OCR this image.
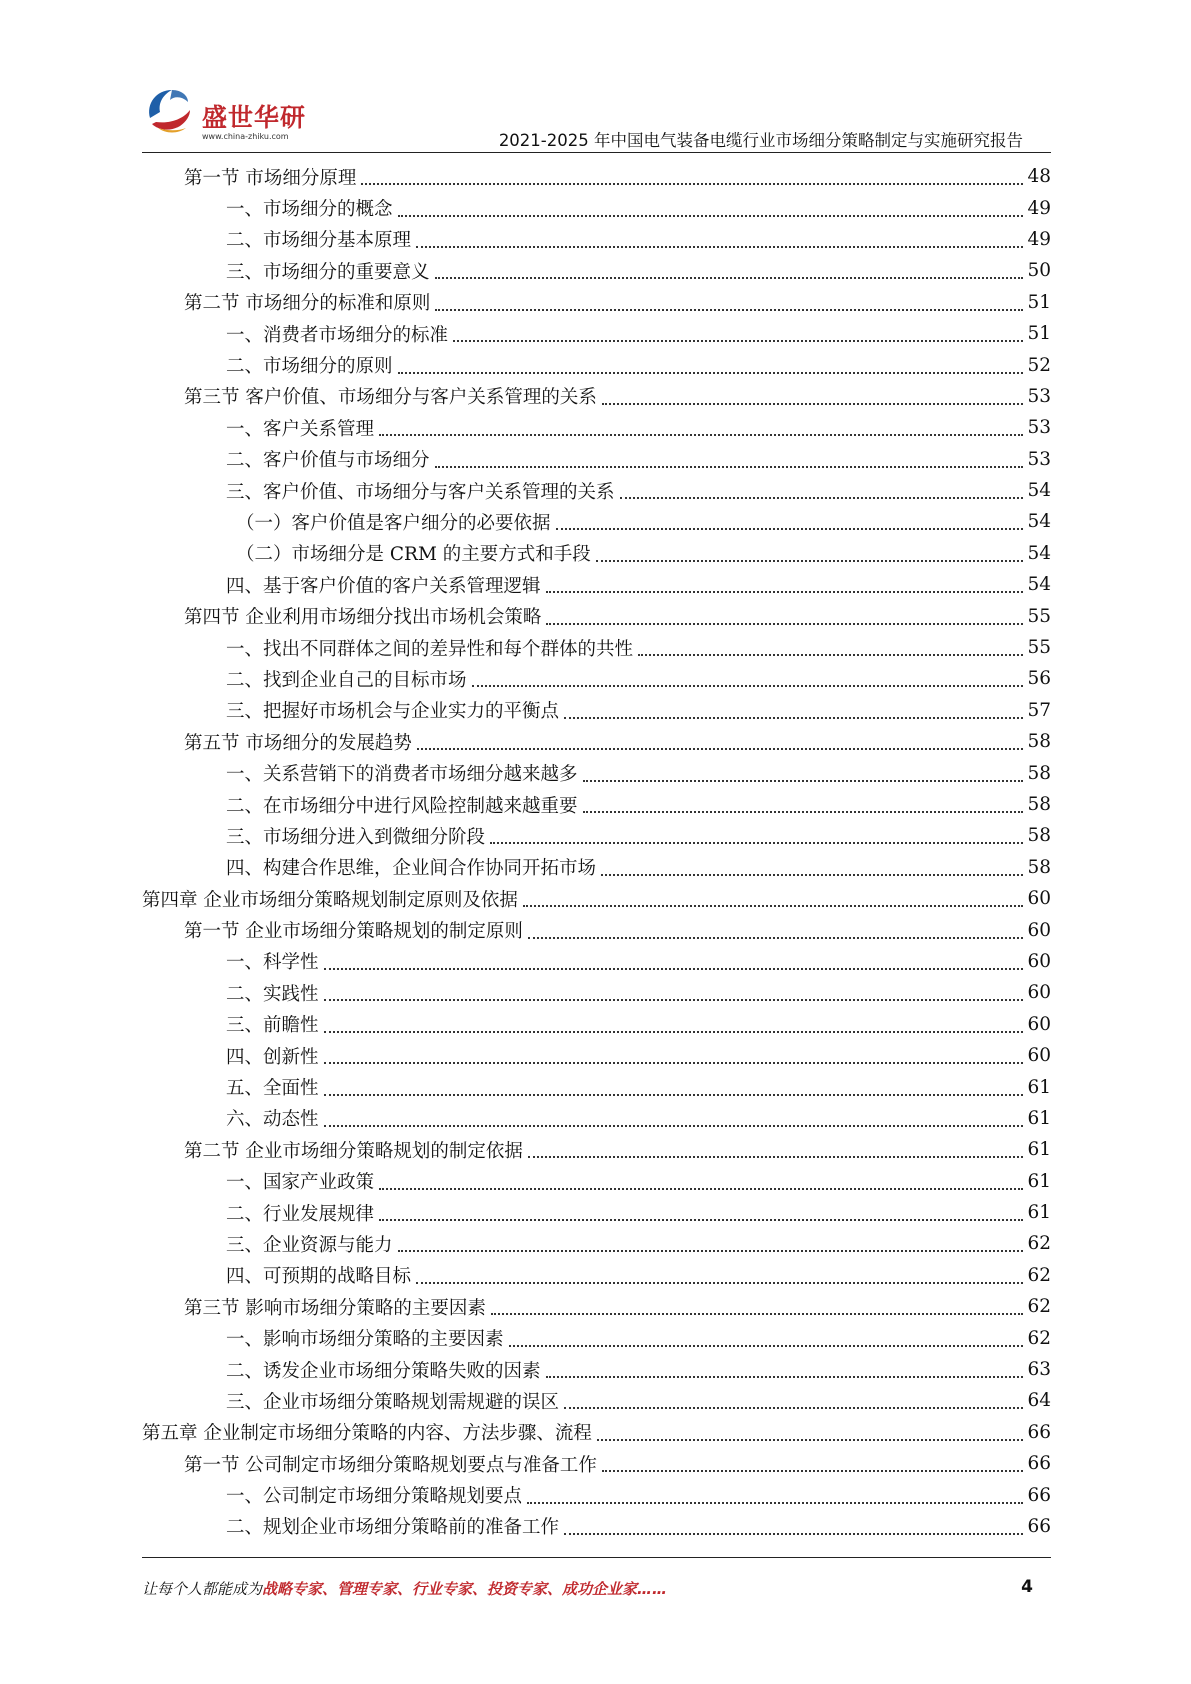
盛世华研
www.china-zhiku.com	2021-2025 年中国电气装备电缆行业市场细分策略制定与实施研究报告
第一节 市场细分原理	48
一、市场细分的概念	49
二、市场细分基本原理	49
三、市场细分的重要意义	50
第二节 市场细分的标准和原则	51
一、消费者市场细分的标准	51
二、市场细分的原则	52
第三节 客户价值、市场细分与客户关系管理的关系	53
一、客户关系管理	53
二、客户价值与市场细分	53
三、客户价值、市场细分与客户关系管理的关系	54
（一）客户价值是客户细分的必要依据	54
（二）市场细分是 CRM 的主要方式和手段	54
四、基于客户价值的客户关系管理逻辑	54
第四节 企业利用市场细分找出市场机会策略	55
一、找出不同群体之间的差异性和每个群体的共性	55
二、找到企业自己的目标市场	56
三、把握好市场机会与企业实力的平衡点	57
第五节 市场细分的发展趋势	58
一、关系营销下的消费者市场细分越来越多	58
二、在市场细分中进行风险控制越来越重要	58
三、市场细分进入到微细分阶段	58
四、构建合作思维，企业间合作协同开拓市场	58
第四章 企业市场细分策略规划制定原则及依据	60
第一节 企业市场细分策略规划的制定原则	60
一、科学性	60
二、实践性	60
三、前瞻性	60
四、创新性	60
五、全面性	61
六、动态性	61
第二节 企业市场细分策略规划的制定依据	61
一、国家产业政策	61
二、行业发展规律	61
三、企业资源与能力	62
四、可预期的战略目标	62
第三节 影响市场细分策略的主要因素	62
一、影响市场细分策略的主要因素	62
二、诱发企业市场细分策略失败的因素	63
三、企业市场细分策略规划需规避的误区	64
第五章 企业制定市场细分策略的内容、方法步骤、流程	66
第一节 公司制定市场细分策略规划要点与准备工作	66
一、公司制定市场细分策略规划要点	66
二、规划企业市场细分策略前的准备工作	66
让每个人都能成为战略专家、管理专家、行业专家、投资专家、成功企业家……	4
